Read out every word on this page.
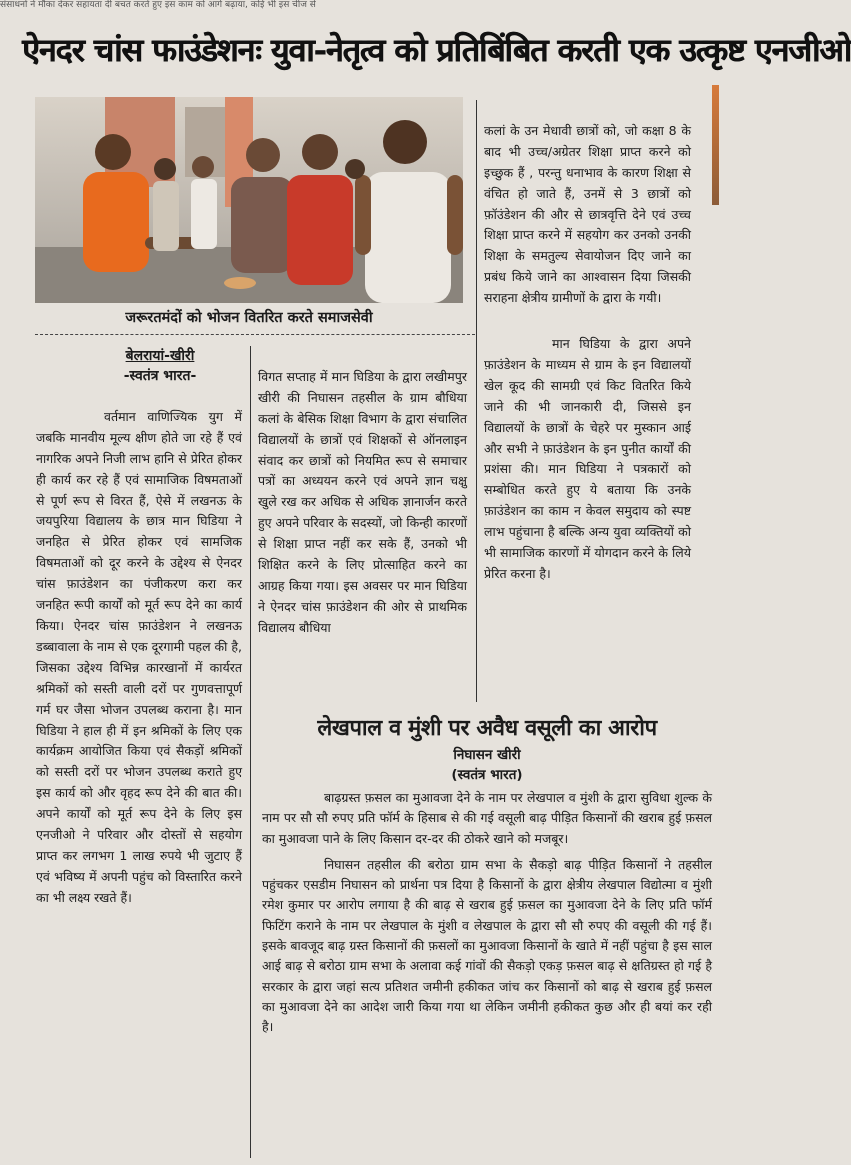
संसाधनों ने मौका देकर सहायता दी बचत करते हुए इस काम को आगे बढ़ाया, कोई भी इस चीज से
ऐनदर चांस फाउंडेशनः युवा-नेतृत्व को प्रतिबिंबित करती एक उत्कृष्ट एनजीओ
जरूरतमंदों को भोजन वितरित करते समाजसेवी
बेलरायां-खीरी
-स्वतंत्र भारत-

वर्तमान वाणिज्यिक युग में जबकि मानवीय मूल्य क्षीण होते जा रहे हैं एवं नागरिक अपने निजी लाभ हानि से प्रेरित होकर ही कार्य कर रहे हैं एवं सामाजिक विषमताओं से पूर्ण रूप से विरत हैं, ऐसे में लखनऊ के जयपुरिया विद्यालय के छात्र मान घिडिया ने जनहित से प्रेरित होकर एवं सामजिक विषमताओं को दूर करने के उद्देश्य से ऐनदर चांस फ़ाउंडेशन का पंजीकरण करा कर जनहित रूपी कार्यों को मूर्त रूप देने का कार्य किया। ऐनदर चांस फ़ाउंडेशन ने लखनऊ डब्बावाला के नाम से एक दूरगामी पहल की है, जिसका उद्देश्य विभिन्न कारखानों में कार्यरत श्रमिकों को सस्ती वाली दरों पर गुणवत्तापूर्ण गर्म घर जैसा भोजन उपलब्ध कराना है। मान घिडिया ने हाल ही में इन श्रमिकों के लिए एक कार्यक्रम आयोजित किया एवं सैकड़ों श्रमिकों को सस्ती दरों पर भोजन उपलब्ध कराते हुए इस कार्य को और वृहद रूप देने की बात की। अपने कार्यों को मूर्त रूप देने के लिए इस एनजीओ ने परिवार और दोस्तों से सहयोग प्राप्त कर लगभग 1 लाख रुपये भी जुटाए हैं एवं भविष्य में अपनी पहुंच को विस्तारित करने का भी लक्ष्य रखते हैं।

विगत सप्ताह में मान घिडिया के द्वारा लखीमपुर खीरी की निघासन तहसील के ग्राम बौधिया कलां के बेसिक शिक्षा विभाग के द्वारा संचालित विद्यालयों के छात्रों एवं शिक्षकों से ऑनलाइन संवाद कर छात्रों को नियमित रूप से समाचार पत्रों का अध्ययन करने एवं अपने ज्ञान चक्षु खुले रख कर अधिक से अधिक ज्ञानार्जन करते हुए अपने परिवार के सदस्यों, जो किन्ही कारणों से शिक्षा प्राप्त नहीं कर सके हैं, उनको भी शिक्षित करने के लिए प्रोत्साहित करने का आग्रह किया गया। इस अवसर पर मान घिडिया ने ऐनदर चांस फ़ाउंडेशन की ओर से प्राथमिक विद्यालय बौधिया

कलां के उन मेधावी छात्रों को, जो कक्षा 8 के बाद भी उच्च/अग्रेतर शिक्षा प्राप्त करने को इच्छुक हैं , परन्तु धनाभाव के कारण शिक्षा से वंचित हो जाते हैं, उनमें से 3 छात्रों को फ़ॉउंडेशन की और से छात्रवृत्ति देने एवं उच्च शिक्षा प्राप्त करने में सहयोग कर उनको उनकी शिक्षा के समतुल्य सेवायोजन दिए जाने का प्रबंध किये जाने का आश्वासन दिया जिसकी सराहना क्षेत्रीय ग्रामीणों के द्वारा के गयी।

मान घिडिया के द्वारा अपने फ़ाउंडेशन के माध्यम से ग्राम के इन विद्यालयों खेल कूद की सामग्री एवं किट वितरित किये जाने की भी जानकारी दी, जिससे इन विद्यालयों के छात्रों के चेहरे पर मुस्कान आई और सभी ने फ़ाउंडेशन के इन पुनीत कार्यों की प्रशंसा की। मान घिडिया ने पत्रकारों को सम्बोधित करते हुए ये बताया कि उनके फ़ाउंडेशन का काम न केवल समुदाय को स्पष्ट लाभ पहुंचाना है बल्कि अन्य युवा व्यक्तियों को भी सामाजिक कारणों में योगदान करने के लिये प्रेरित करना है।

लेखपाल व मुंशी पर अवैध वसूली का आरोप
निघासन खीरी
(स्वतंत्र भारत)

बाढ़ग्रस्त फ़सल का मुआवजा देने के नाम पर लेखपाल व मुंशी के द्वारा सुविधा शुल्क के नाम पर सौ सौ रुपए प्रति फॉर्म के हिसाब से की गई वसूली बाढ़ पीड़ित किसानों की खराब हुई फ़सल का मुआवजा पाने के लिए किसान दर-दर की ठोकरे खाने को मजबूर।

निघासन तहसील की बरोठा ग्राम सभा के सैकड़ो बाढ़ पीड़ित किसानों ने तहसील पहुंचकर एसडीम निघासन को प्रार्थना पत्र दिया है किसानों के द्वारा क्षेत्रीय लेखपाल विद्योत्मा व मुंशी रमेश कुमार पर आरोप लगाया है की बाढ़ से खराब हुई फ़सल का मुआवजा देने के लिए प्रति फॉर्म फिटिंग कराने के नाम पर लेखपाल के मुंशी व लेखपाल के द्वारा सौ सौ रुपए की वसूली की गई हैं। इसके बावजूद बाढ़ ग्रस्त किसानों की फ़सलों का मुआवजा किसानों के खाते में नहीं पहुंचा है इस साल आई बाढ़ से बरोठा ग्राम सभा के अलावा कई गांवों की सैकड़ो एकड़ फ़सल बाढ़ से क्षतिग्रस्त हो गई है सरकार के द्वारा जहां सत्य प्रतिशत जमीनी हकीकत जांच कर किसानों को बाढ़ से खराब हुई फ़सल का मुआवजा देने का आदेश जारी किया गया था लेकिन जमीनी हकीकत कुछ और ही बयां कर रही है।
